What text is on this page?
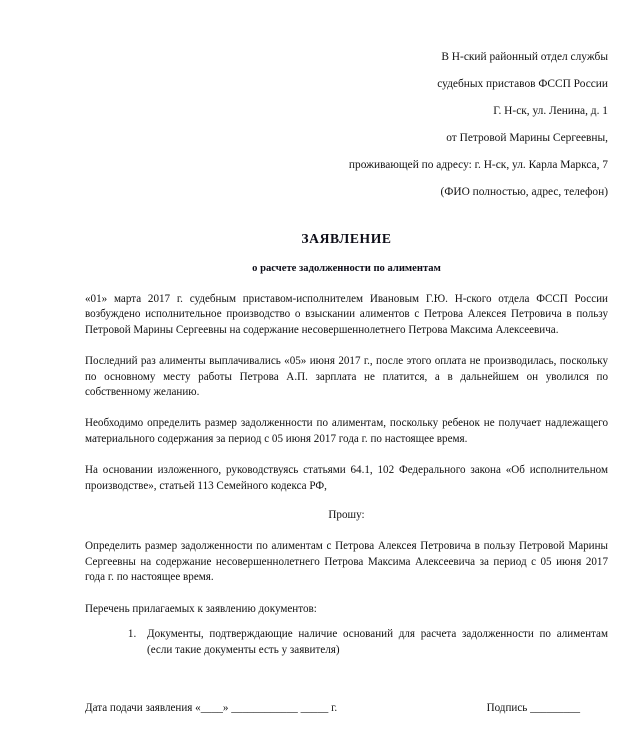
В Н-ский районный отдел службы
судебных приставов ФССП России
Г. Н-ск, ул. Ленина, д. 1
от Петровой Марины Сергеевны,
проживающей по адресу: г. Н-ск, ул. Карла Маркса, 7
(ФИО полностью, адрес, телефон)
ЗАЯВЛЕНИЕ
о расчете задолженности по алиментам

«01» марта 2017 г. судебным приставом-исполнителем Ивановым Г.Ю. Н-ского отдела ФССП России возбуждено исполнительное производство о взыскании алиментов с Петрова Алексея Петровича в пользу Петровой Марины Сергеевны на содержание несовершеннолетнего Петрова Максима Алексеевича.

Последний раз алименты выплачивались «05» июня 2017 г., после этого оплата не производилась, поскольку по основному месту работы Петрова А.П. зарплата не платится, а в дальнейшем он уволился по собственному желанию.

Необходимо определить размер задолженности по алиментам, поскольку ребенок не получает надлежащего материального содержания за период с 05 июня 2017 года г. по настоящее время.

На основании изложенного, руководствуясь статьями 64.1, 102 Федерального закона «Об исполнительном производстве», статьей 113 Семейного кодекса РФ,

Прошу:

Определить размер задолженности по алиментам с Петрова Алексея Петровича в пользу Петровой Марины Сергеевны на содержание несовершеннолетнего Петрова Максима Алексеевича за период с 05 июня 2017 года г. по настоящее время.

Перечень прилагаемых к заявлению документов:
1. Документы, подтверждающие наличие оснований для расчета задолженности по алиментам (если такие документы есть у заявителя)
Дата подачи заявления «____» ____________ _____ г.	Подпись _________
